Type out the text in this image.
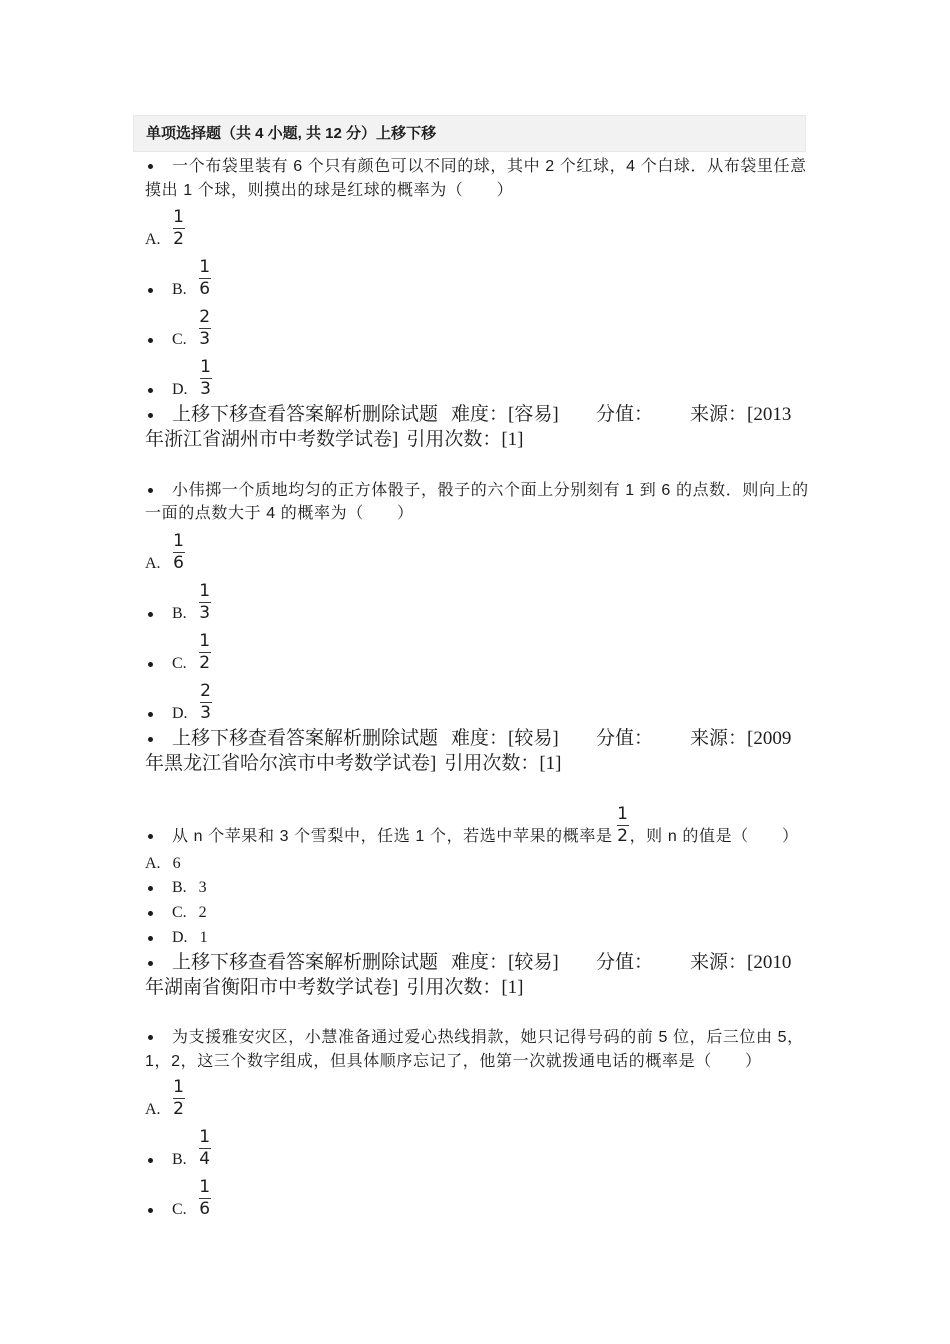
单项选择题（共 4 小题, 共 12 分）上移下移
一个布袋里装有 6 个只有颜色可以不同的球，其中 2 个红球，4 个白球．从布袋里任意
摸出 1 个球，则摸出的球是红球的概率为（　　）
A. $\frac{1}{2}$
B. $\frac{1}{6}$
C. $\frac{2}{3}$
D. $\frac{1}{3}$
上移下移查看答案解析删除试题 难度：[容易] 分值： 来源：[2013
年浙江省湖州市中考数学试卷] 引用次数：[1]
小伟掷一个质地均匀的正方体骰子，骰子的六个面上分别刻有 1 到 6 的点数．则向上的
一面的点数大于 4 的概率为（　　）
A. $\frac{1}{6}$
B. $\frac{1}{3}$
C. $\frac{1}{2}$
D. $\frac{2}{3}$
上移下移查看答案解析删除试题 难度：[较易] 分值： 来源：[2009
年黑龙江省哈尔滨市中考数学试卷] 引用次数：[1]
从 n 个苹果和 3 个雪梨中，任选 1 个，若选中苹果的概率是 $\frac{1}{2}$ ，则 n 的值是（　　）
A. 6
B. 3
C. 2
D. 1
上移下移查看答案解析删除试题 难度：[较易] 分值： 来源：[2010
年湖南省衡阳市中考数学试卷] 引用次数：[1]
为支援雅安灾区，小慧准备通过爱心热线捐款，她只记得号码的前 5 位，后三位由 5，
1，2，这三个数字组成，但具体顺序忘记了，他第一次就拨通电话的概率是（　　）
A. $\frac{1}{2}$
B. $\frac{1}{4}$
C. $\frac{1}{6}$
